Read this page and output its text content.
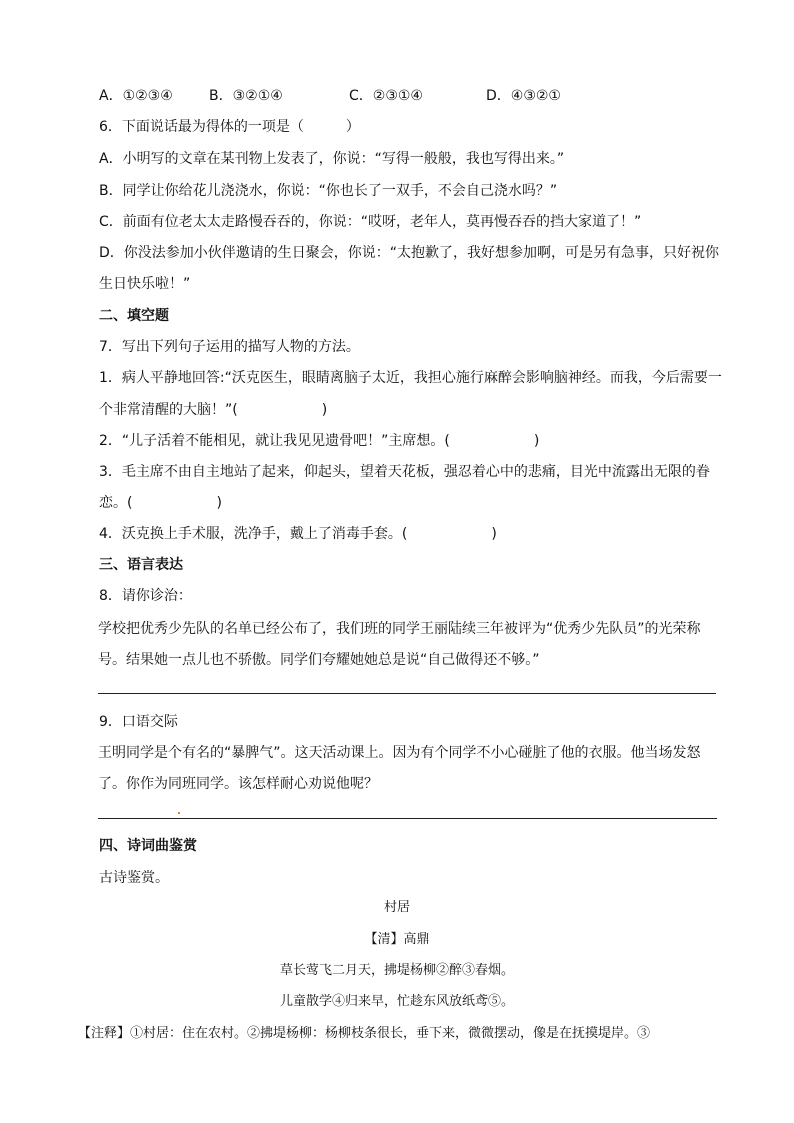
A．①②③④	B．③②①④	C．②③①④	D．④③②①
6．下面说话最为得体的一项是（　　　）
A．小明写的文章在某刊物上发表了，你说：“写得一般般，我也写得出来。”
B．同学让你给花儿浇浇水，你说：“你也长了一双手，不会自己浇水吗？”
C．前面有位老太太走路慢吞吞的，你说：“哎呀，老年人，莫再慢吞吞的挡大家道了！”
D．你没法参加小伙伴邀请的生日聚会，你说：“太抱歉了，我好想参加啊，可是另有急事，只好祝你
生日快乐啦！”
二、填空题
7．写出下列句子运用的描写人物的方法。
1．病人平静地回答:“沃克医生，眼睛离脑子太近，我担心施行麻醉会影响脑神经。而我，今后需要一
个非常清醒的大脑！”(　　　　　　)
2．“儿子活着不能相见，就让我见见遗骨吧！”主席想。(　　　　　　)
3．毛主席不由自主地站了起来，仰起头，望着天花板，强忍着心中的悲痛，目光中流露出无限的眷
恋。(　　　　　　)
4．沃克换上手术服，洗净手，戴上了消毒手套。(　　　　　　)
三、语言表达
8．请你诊治：
学校把优秀少先队的名单已经公布了，我们班的同学王丽陆续三年被评为“优秀少先队员”的光荣称
号。结果她一点儿也不骄傲。同学们夸耀她她总是说“自己做得还不够。”
9．口语交际
王明同学是个有名的“暴脾气”。这天活动课上。因为有个同学不小心碰脏了他的衣服。他当场发怒
了。你作为同班同学。该怎样耐心劝说他呢？
四、诗词曲鉴赏
古诗鉴赏。
村居
【清】高鼎
草长莺飞二月天，拂堤杨柳②醉③春烟。
儿童散学④归来早，忙趁东风放纸鸢⑤。
【注释】①村居：住在农村。②拂堤杨柳：杨柳枝条很长，垂下来，微微摆动，像是在抚摸堤岸。③
